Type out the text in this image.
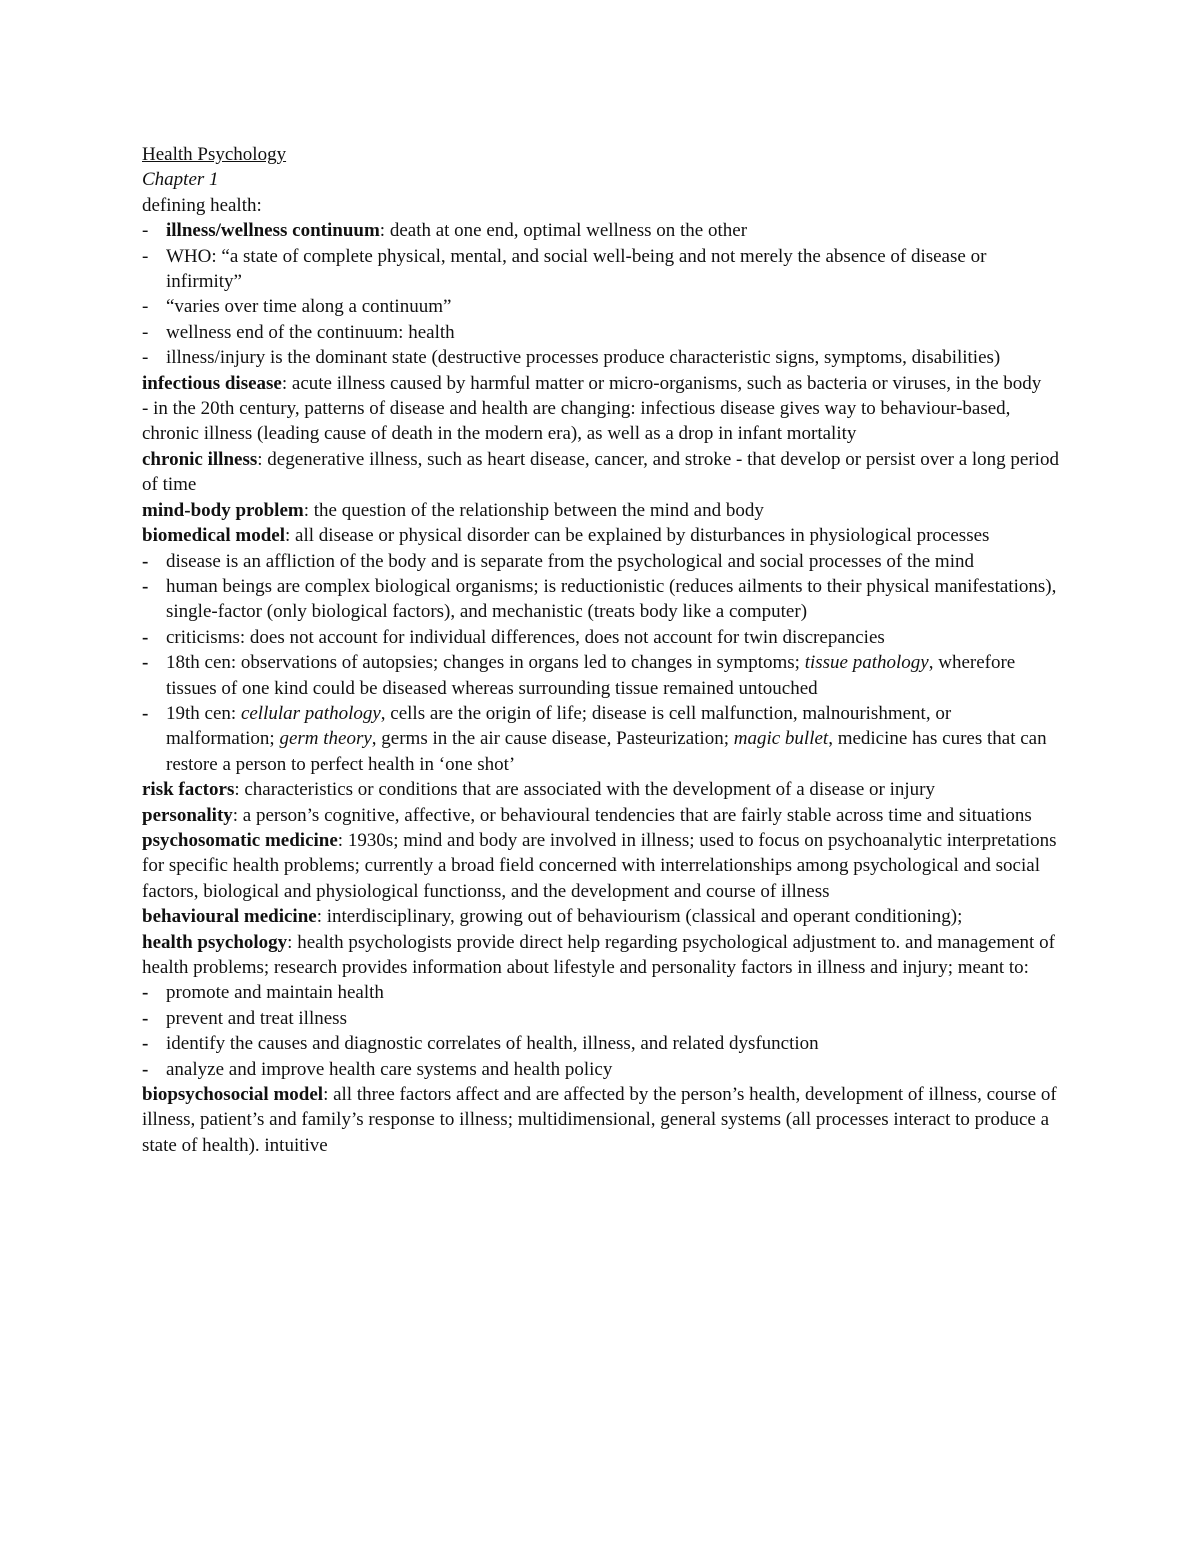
Health Psychology

Chapter 1

defining health:

- illness/wellness continuum: death at one end, optimal wellness on the other

- WHO: “a state of complete physical, mental, and social well-being and not merely the absence of disease or infirmity”

- “varies over time along a continuum”

- wellness end of the continuum: health

- illness/injury is the dominant state (destructive processes produce characteristic signs, symptoms, disabilities)

infectious disease: acute illness caused by harmful matter or micro-organisms, such as bacteria or viruses, in the body

- in the 20th century, patterns of disease and health are changing: infectious disease gives way to behaviour-based, chronic illness (leading cause of death in the modern era), as well as a drop in infant mortality

chronic illness: degenerative illness, such as heart disease, cancer, and stroke - that develop or persist over a long period of time

mind-body problem: the question of the relationship between the mind and body

biomedical model: all disease or physical disorder can be explained by disturbances in physiological processes

- disease is an affliction of the body and is separate from the psychological and social processes of the mind

- human beings are complex biological organisms; is reductionistic (reduces ailments to their physical manifestations), single-factor (only biological factors), and mechanistic (treats body like a computer)

- criticisms: does not account for individual differences, does not account for twin discrepancies

- 18th cen: observations of autopsies; changes in organs led to changes in symptoms; tissue pathology, wherefore tissues of one kind could be diseased whereas surrounding tissue remained untouched

- 19th cen: cellular pathology, cells are the origin of life; disease is cell malfunction, malnourishment, or malformation; germ theory, germs in the air cause disease, Pasteurization; magic bullet, medicine has cures that can restore a person to perfect health in ‘one shot’

risk factors: characteristics or conditions that are associated with the development of a disease or injury

personality: a person’s cognitive, affective, or behavioural tendencies that are fairly stable across time and situations

psychosomatic medicine: 1930s; mind and body are involved in illness; used to focus on psychoanalytic interpretations for specific health problems; currently a broad field concerned with interrelationships among psychological and social factors, biological and physiological functionss, and the development and course of illness

behavioural medicine: interdisciplinary, growing out of behaviourism (classical and operant conditioning);

health psychology: health psychologists provide direct help regarding psychological adjustment to. and management of health problems; research provides information about lifestyle and personality factors in illness and injury; meant to:

- promote and maintain health

- prevent and treat illness

- identify the causes and diagnostic correlates of health, illness, and related dysfunction

- analyze and improve health care systems and health policy

biopsychosocial model: all three factors affect and are affected by the person’s health, development of illness, course of illness, patient’s and family’s response to illness; multidimensional, general systems (all processes interact to produce a state of health). intuitive
